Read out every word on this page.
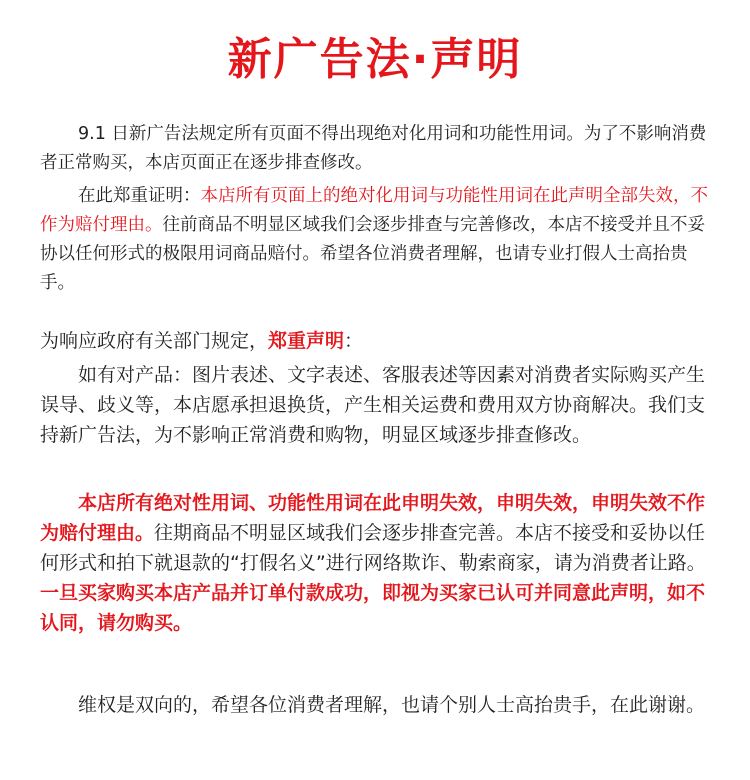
新广告法·声明
9.1 日新广告法规定所有页面不得出现绝对化用词和功能性用词。为了不影响消费者正常购买，本店页面正在逐步排查修改。
在此郑重证明：本店所有页面上的绝对化用词与功能性用词在此声明全部失效，不作为赔付理由。往前商品不明显区域我们会逐步排查与完善修改，本店不接受并且不妥协以任何形式的极限用词商品赔付。希望各位消费者理解，也请专业打假人士高抬贵手。
为响应政府有关部门规定，郑重声明：
如有对产品：图片表述、文字表述、客服表述等因素对消费者实际购买产生误导、歧义等，本店愿承担退换货，产生相关运费和费用双方协商解决。我们支持新广告法，为不影响正常消费和购物，明显区域逐步排查修改。
本店所有绝对性用词、功能性用词在此申明失效，申明失效，申明失效不作为赔付理由。往期商品不明显区域我们会逐步排查完善。本店不接受和妥协以任何形式和拍下就退款的“打假名义”进行网络欺诈、勒索商家，请为消费者让路。一旦买家购买本店产品并订单付款成功，即视为买家已认可并同意此声明，如不认同，请勿购买。
维权是双向的，希望各位消费者理解，也请个别人士高抬贵手，在此谢谢。
